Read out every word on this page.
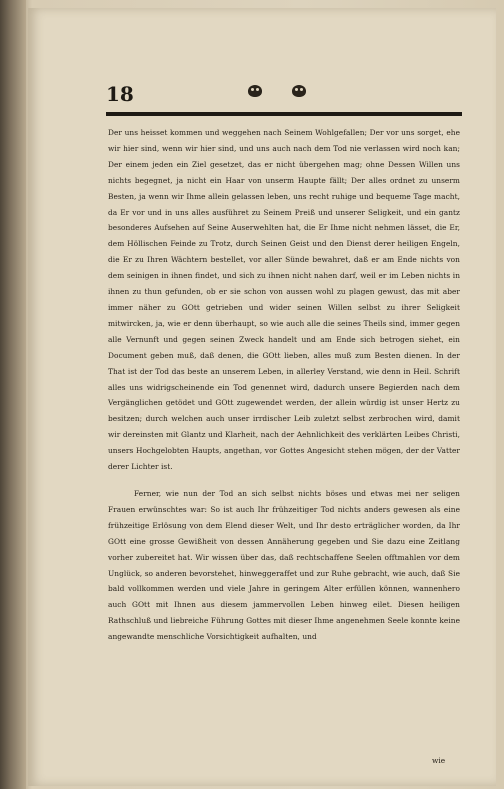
18
Der uns heisset kommen und weggehen nach Seinem Wohlgefallen; Der vor uns sorget, ehe wir hier sind, wenn wir hier sind, und uns auch nach dem Tod nie verlassen wird noch kan; Der einem jeden ein Ziel gesetzet, das er nicht übergehen mag; ohne Dessen Willen uns nichts begegnet, ja nicht ein Haar von unserm Haupte fällt; Der alles ordnet zu unserm Besten, ja wenn wir Ihme allein gelassen leben, uns recht ruhige und bequeme Tage macht, da Er vor und in uns alles ausführet zu Seinem Preiß und unserer Seligkeit, und ein gantz besonderes Aufsehen auf Seine Auserwehlten hat, die Er Ihme nicht nehmen lässet, die Er, dem Höllischen Feinde zu Trotz, durch Seinen Geist und den Dienst derer heiligen Engeln, die Er zu Ihren Wächtern bestellet, vor aller Sünde bewahret, daß er am Ende nichts von dem seinigen in ihnen findet, und sich zu ihnen nicht nahen darf, weil er im Leben nichts in ihnen zu thun gefunden, ob er sie schon von aussen wohl zu plagen gewust, das mit aber immer näher zu GOtt getrieben und wider seinen Willen selbst zu ihrer Seligkeit mitwircken, ja, wie er denn überhaupt, so wie auch alle die seines Theils sind, immer gegen alle Vernunft und gegen seinen Zweck handelt und am Ende sich betrogen siehet, ein Document geben muß, daß denen, die GOtt lieben, alles muß zum Besten dienen. In der That ist der Tod das beste an unserem Leben, in allerley Verstand, wie denn in Heil. Schrift alles uns widrigscheinende ein Tod genennet wird, dadurch unsere Begierden nach dem Vergänglichen getödet und GOtt zugewendet werden, der allein würdig ist unser Hertz zu besitzen; durch welchen auch unser irrdischer Leib zuletzt selbst zerbrochen wird, damit wir dereinsten mit Glantz und Klarheit, nach der Aehnlichkeit des verklärten Leibes Christi, unsers Hochgelobten Haupts, angethan, vor Gottes Angesicht stehen mögen, der der Vatter derer Lichter ist.
Ferner, wie nun der Tod an sich selbst nichts böses und etwas mei ner seligen Frauen erwünschtes war: So ist auch Ihr frühzeitiger Tod nichts anders gewesen als eine frühzeitige Erlösung von dem Elend dieser Welt, und Ihr desto erträglicher worden, da Ihr GOtt eine grosse Gewißheit von dessen Annäherung gegeben und Sie dazu eine Zeitlang vorher zubereitet hat. Wir wissen über das, daß rechtschaffene Seelen offtmahlen vor dem Unglück, so anderen bevorstehet, hinweggeraffet und zur Ruhe gebracht, wie auch, daß Sie bald vollkommen werden und viele Jahre in geringem Alter erfüllen können, wannenhero auch GOtt mit Ihnen aus diesem jammervollen Leben hinweg eilet. Diesen heiligen Rathschluß und liebreiche Führung Gottes mit dieser Ihme angenehmen Seele konnte keine angewandte menschliche Vorsichtigkeit aufhalten, und
wie
